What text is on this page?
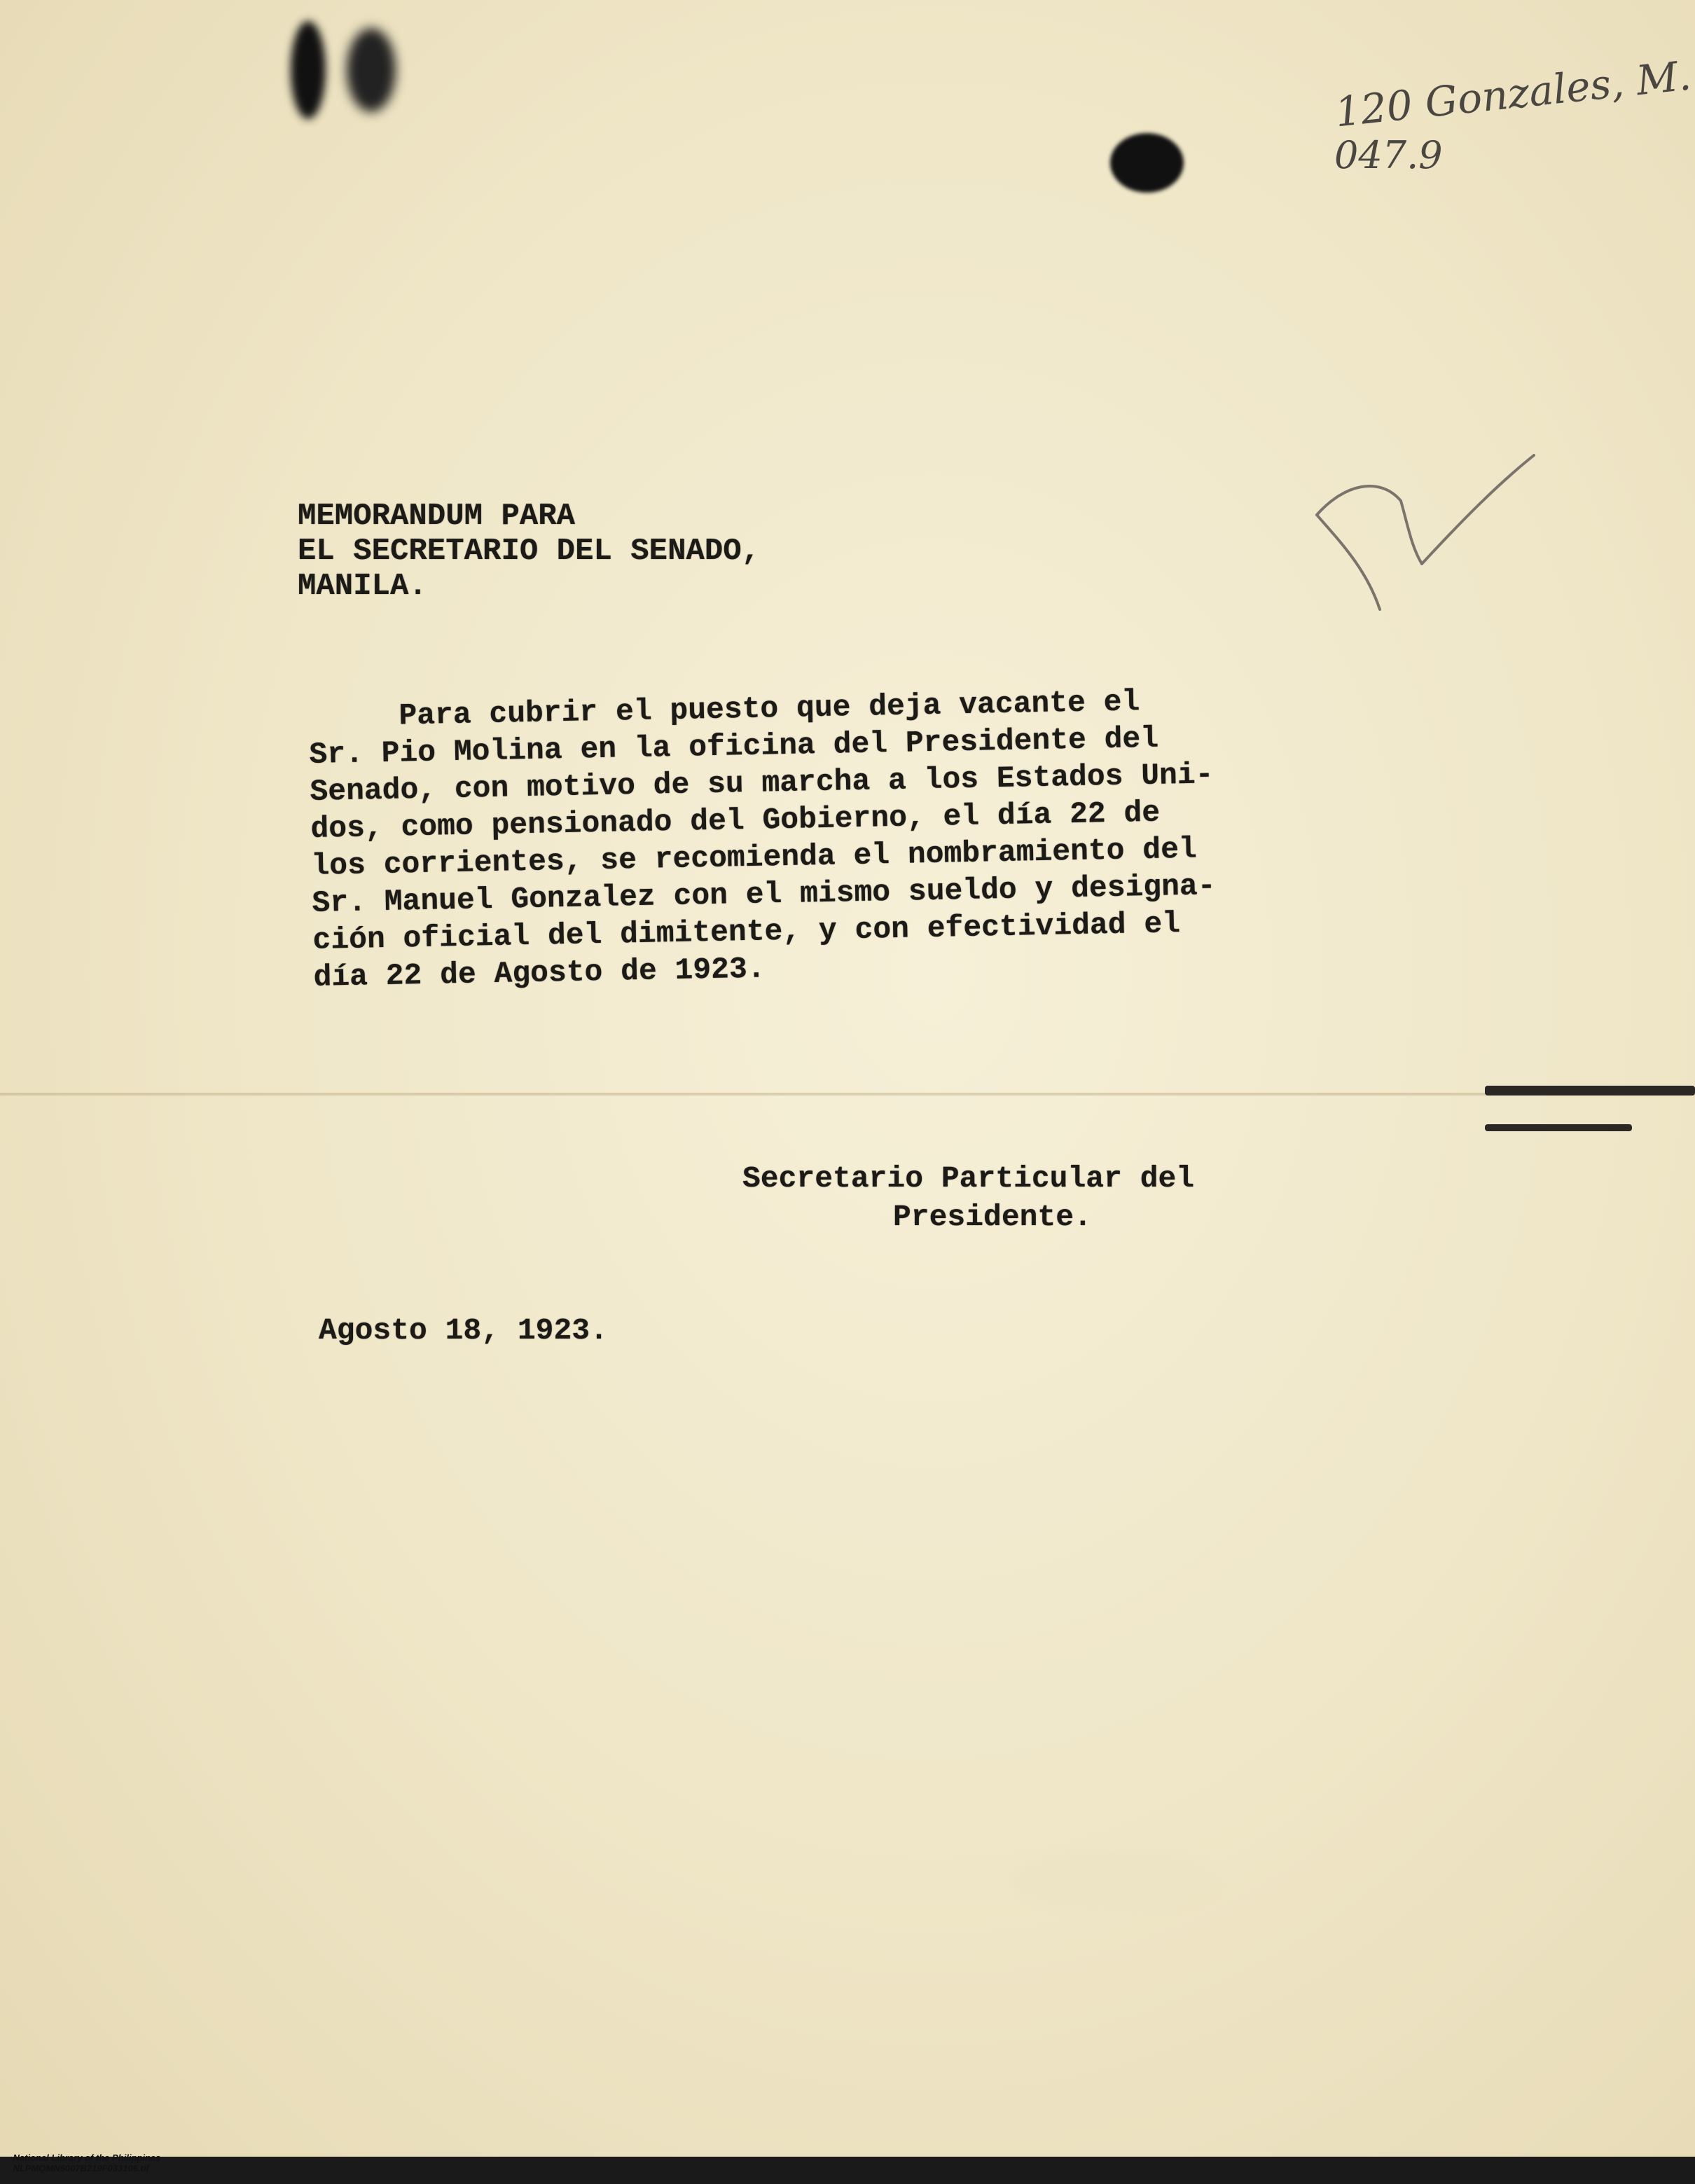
120 Gonzales, M.
047.9

MEMORANDUM PARA

EL SECRETARIO DEL SENADO,

MANILA.

Para cubrir el puesto que deja vacante el

Sr. Pio Molina en la oficina del Presidente del

Senado, con motivo de su marcha a los Estados Uni-

dos, como pensionado del Gobierno, el día 22 de

los corrientes, se recomienda el nombramiento del

Sr. Manuel Gonzalez con el mismo sueldo y designa-

ción oficial del dimitente, y con efectividad el

día 22 de Agosto de 1923.

Secretario Particular del

Presidente.

Agosto 18, 1923.

National Library of the Philippines
NLPMQMN5007B219F033106.tif
